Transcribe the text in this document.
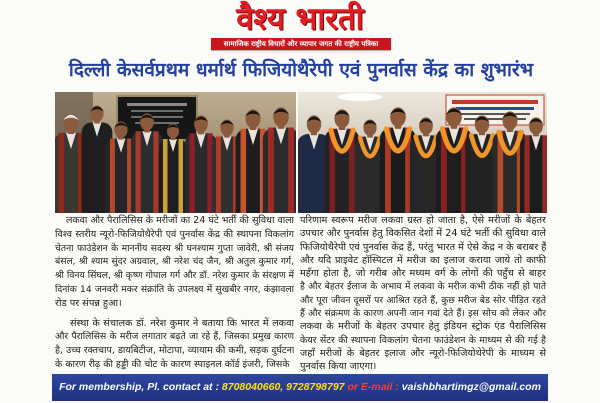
वैश्य भारती
सामाजिक राष्ट्रीय विचारों और व्यापार जगत की राष्ट्रीय पत्रिका
दिल्ली केसर्वप्रथम धर्मार्थ फिजियोथैरेपी एवं पुनर्वास केंद्र का शुभारंभ
लकवा और पैरालिसिस के मरीजों का 24 घंटे भर्ती की सुविधा वाला
विश्व स्तरीय न्यूरो-फिजियोथैरेपी एवं पुनर्वास केंद्र की स्थापना विकलांग
चेतना फाउंडेशन के माननीय सदस्य श्री घनश्याम गुप्ता जावेरी, श्री संजय
बंसल, श्री श्याम सुंदर अग्रवाल, श्री नरेश चंद जैन, श्री अतुल कुमार गर्ग,
श्री विनय सिंघल, श्री कृष्ण गोपाल गर्ग और डॉ. नरेश कुमार के संरक्षण में
दिनांक 14 जनवरी मकर संक्रांति के उपलक्ष्य में सुखबीर नगर, कंझावला
रोड पर संपन्न हुआ।
संस्था के संचालक डॉ. नरेश कुमार ने बताया कि भारत में लकवा
और पैरालिसिस के मरीज लगातार बढ़ते जा रहे हैं, जिसका प्रमुख कारण
है, उच्च रक्तचाप, डायबिटीज, मोटापा, व्यायाम की कमी, सड़क दुर्घटना
के कारण रीढ़ की हड्डी की चोट के कारण स्पाइनल कॉर्ड इंजरी, जिसके
परिणाम स्वरूप मरीज लकवा ग्रस्त हो जाता है, ऐसे मरीजों के बेहतर
उपचार और पुनर्वास हेतु विकसित देशों में 24 घंटे भर्ती की सुविधा वाले
फिजियोथैरेपी एवं पुनर्वास केंद्र हैं, परंतु भारत में ऐसे केंद्र न के बराबर हैं
और यदि प्राइवेट हॉस्पिटल में मरीज का इलाज कराया जाये तो काफी
महँगा होता है, जो गरीब और मध्यम वर्ग के लोगों की पहुँच से बाहर
है और बेहतर ईलाज के अभाव में लकवा के मरीज कभी ठीक नहीं हो पाते
और पूरा जीवन दूसरों पर आश्रित रहते हैं, कुछ मरीज बेड सोर पीड़ित रहते
हैं और संक्रमण के कारण अपनी जान गवां देते हैं। इस सोच को लेकर और
लकवा के मरीजों के बेहतर उपचार हेतु इंडियन स्ट्रोक एंड पैरालिसिस
केयर सेंटर की स्थापना विकलांग चेतना फाउंडेशन के माध्यम से की गई है
जहाँ मरीजों के बेहतर इलाज और न्यूरो-फिजियोथेरेपी के माध्यम से
पुनर्वास किया जाएगा।
For membership, Pl. contact at : 8708040660, 9728798797 or E-mail : vaishbhartimgz@gmail.com
